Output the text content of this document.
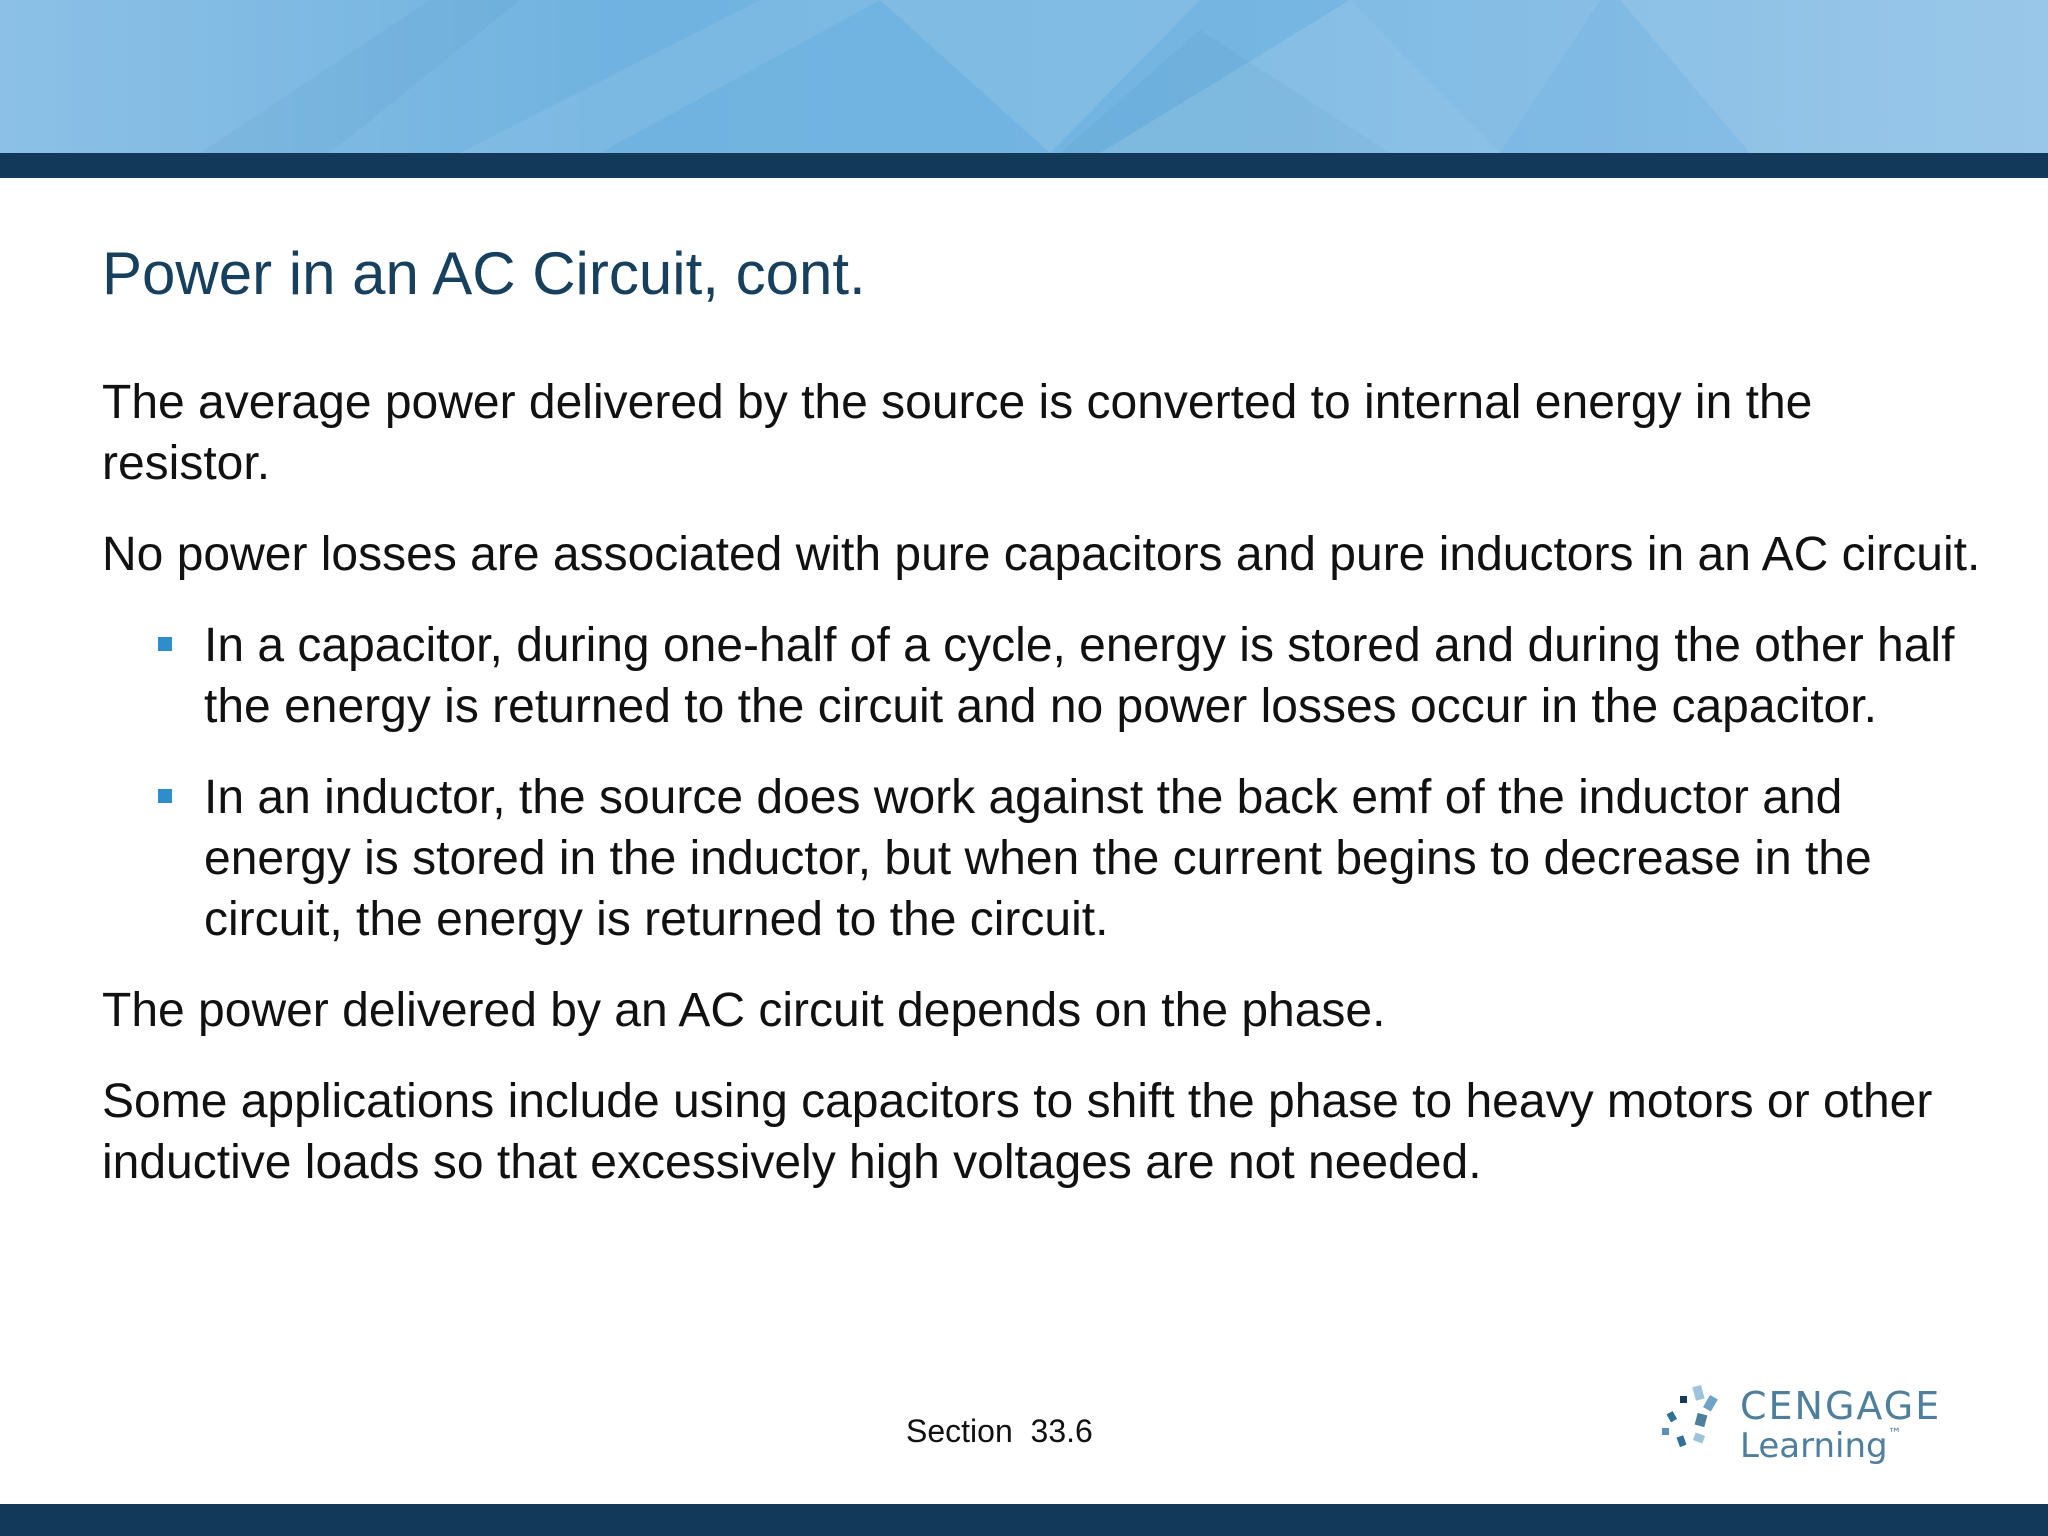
Power in an AC Circuit, cont.

The average power delivered by the source is converted to internal energy in the resistor.

No power losses are associated with pure capacitors and pure inductors in an AC circuit.

In a capacitor, during one-half of a cycle, energy is stored and during the other half the energy is returned to the circuit and no power losses occur in the capacitor.
In an inductor, the source does work against the back emf of the inductor and energy is stored in the inductor, but when the current begins to decrease in the circuit, the energy is returned to the circuit.

The power delivered by an AC circuit depends on the phase.

Some applications include using capacitors to shift the phase to heavy motors or other inductive loads so that excessively high voltages are not needed.

Section  33.6
CENGAGE
Learning™
